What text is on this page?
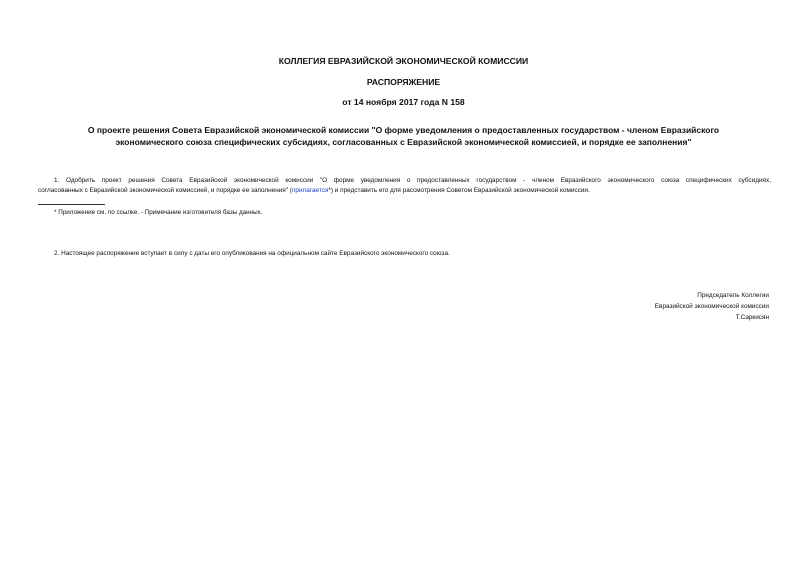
КОЛЛЕГИЯ ЕВРАЗИЙСКОЙ ЭКОНОМИЧЕСКОЙ КОМИССИИ
РАСПОРЯЖЕНИЕ
от 14 ноября 2017 года N 158
О проекте решения Совета Евразийской экономической комиссии "О форме уведомления о предоставленных государством - членом Евразийского
экономического союза специфических субсидиях, согласованных с Евразийской экономической комиссией, и порядке ее заполнения"
1. Одобрить проект решения Совета Евразийской экономической комиссии "О форме уведомления о предоставленных государством - членом Евразийского экономического союза специфических субсидиях,
согласованных с Евразийской экономической комиссией, и порядке ее заполнения" (прилагается*) и представить его для рассмотрения Советом Евразийской экономической комиссии.
* Приложение см. по ссылке. - Примечание изготовителя базы данных.
2. Настоящее распоряжение вступает в силу с даты его опубликования на официальном сайте Евразийского экономического союза.
Председатель Коллегии
Евразийской экономической комиссии
Т.Саркисян
